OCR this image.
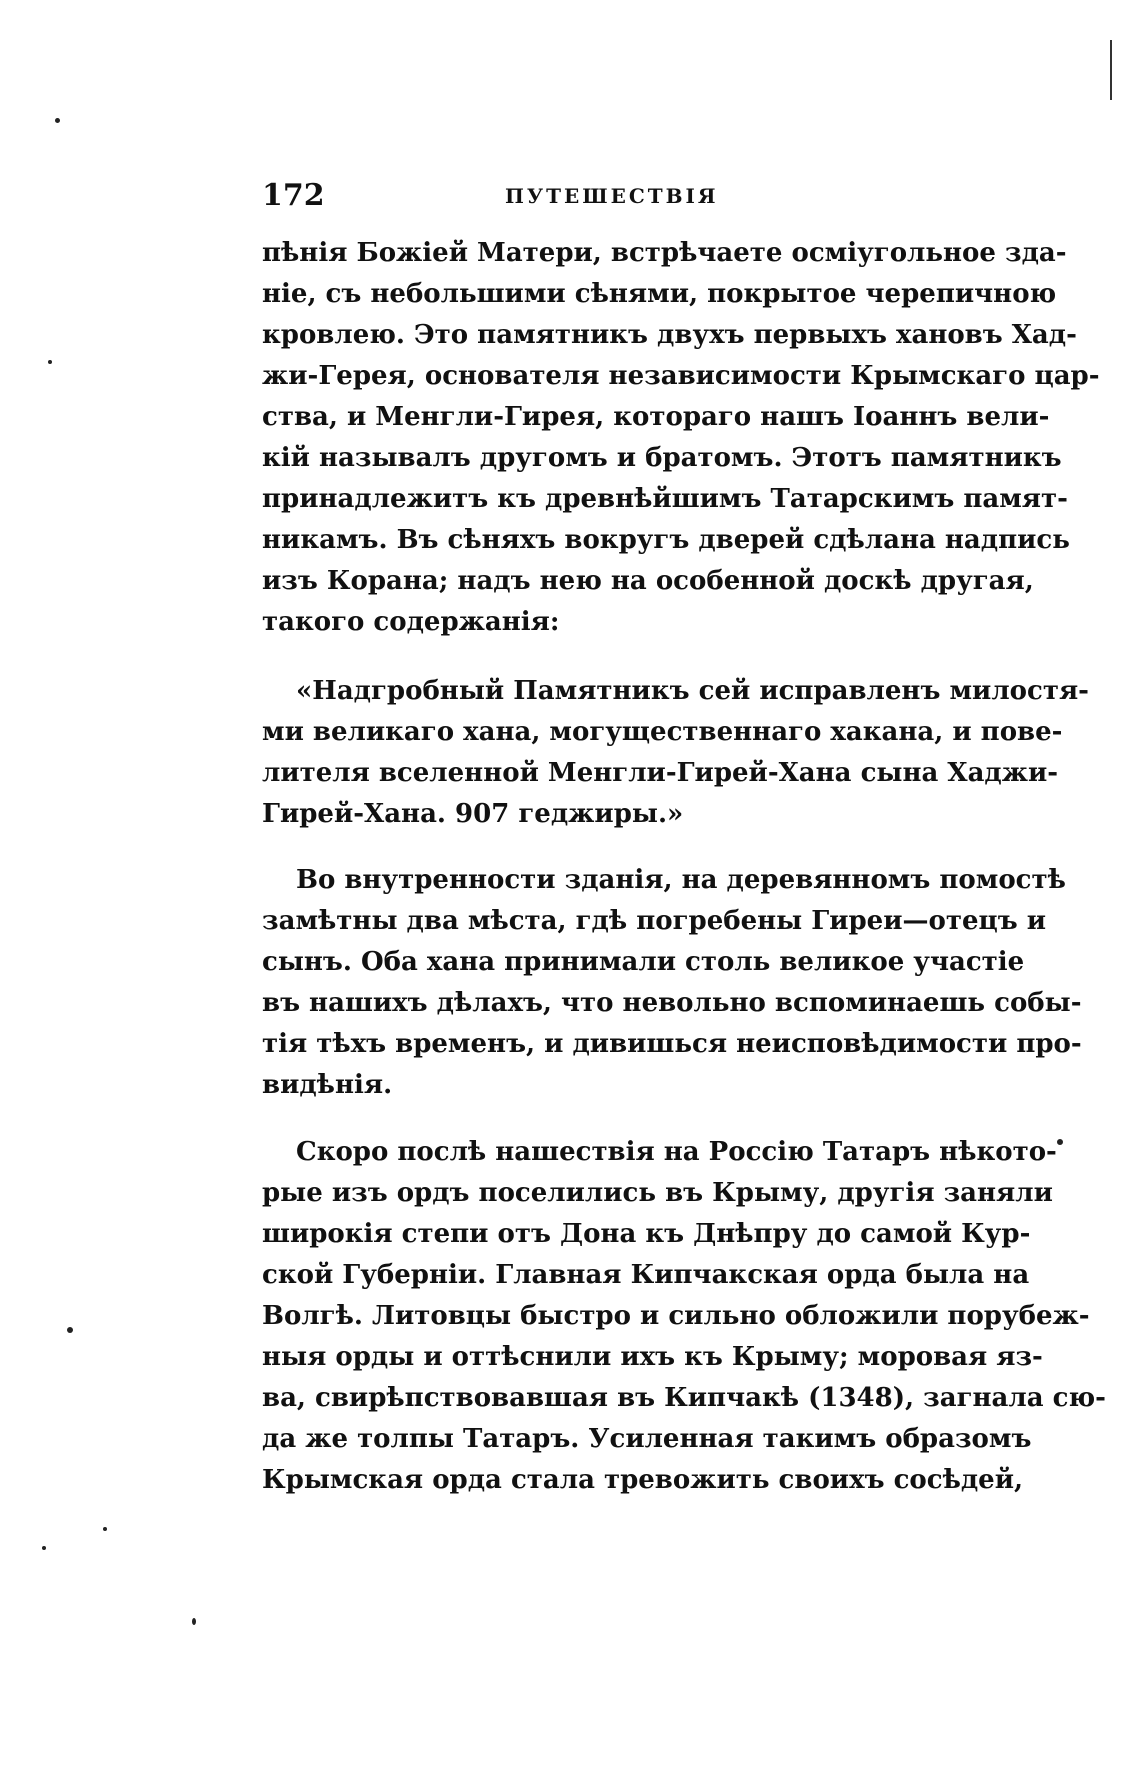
172	ПУТЕШЕСТВІЯ
пѣнія Божіей Матери, встрѣчаете осміугольное зда-
ніе, съ небольшими сѣнями, покрытое черепичною
кровлею. Это памятникъ двухъ первыхъ хановъ Хад-
жи-Герея, основателя независимости Крымскаго цар-
ства, и Менгли-Гирея, котораго нашъ Іоаннъ вели-
кій называлъ другомъ и братомъ. Этотъ памятникъ
принадлежитъ къ древнѣйшимъ Татарскимъ памят-
никамъ. Въ сѣняхъ вокругъ дверей сдѣлана надпись
изъ Корана; надъ нею на особенной доскѣ другая,
такого содержанія:
«Надгробный Памятникъ сей исправленъ милостя-
ми великаго хана, могущественнаго хакана, и пове-
лителя вселенной Менгли-Гирей-Хана сына Хаджи-
Гирей-Хана. 907 геджиры.»
Во внутренности зданія, на деревянномъ помостѣ
замѣтны два мѣста, гдѣ погребены Гиреи—отецъ и
сынъ. Оба хана принимали столь великое участіе
въ нашихъ дѣлахъ, что невольно вспоминаешь собы-
тія тѣхъ временъ, и дивишься неисповѣдимости про-
видѣнія.
Скоро послѣ нашествія на Россію Татаръ нѣкото-
рые изъ ордъ поселились въ Крыму, другія заняли
широкія степи отъ Дона къ Днѣпру до самой Кур-
ской Губерніи. Главная Кипчакская орда была на
Волгѣ. Литовцы быстро и сильно обложили порубеж-
ныя орды и оттѣснили ихъ къ Крыму; моровая яз-
ва, свирѣпствовавшая въ Кипчакѣ (1348), загнала сю-
да же толпы Татаръ. Усиленная такимъ образомъ
Крымская орда стала тревожить своихъ сосѣдей,
